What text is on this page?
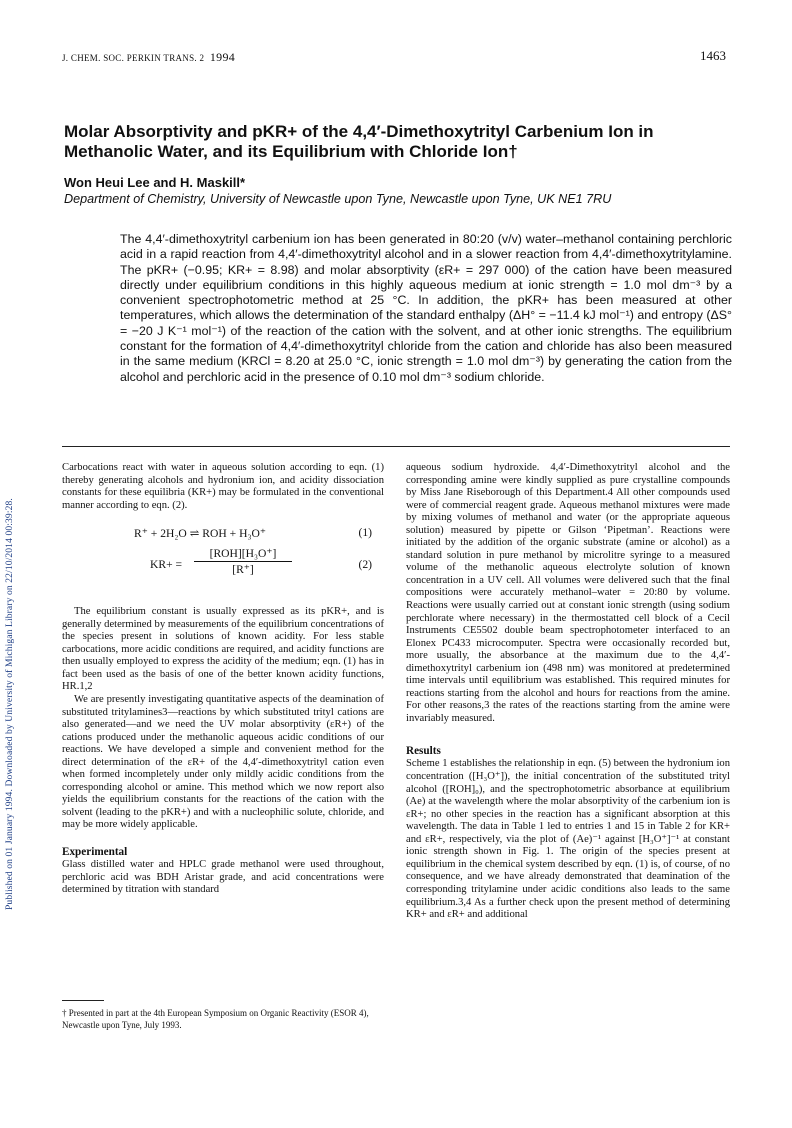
Published on 01 January 1994. Downloaded by University of Michigan Library on 22/10/2014 00:39:28.
J. CHEM. SOC. PERKIN TRANS. 2 1994	1463
Molar Absorptivity and pKR+ of the 4,4′-Dimethoxytrityl Carbenium Ion in Methanolic Water, and its Equilibrium with Chloride Ion†
Won Heui Lee and H. Maskill*
Department of Chemistry, University of Newcastle upon Tyne, Newcastle upon Tyne, UK NE1 7RU
The 4,4′-dimethoxytrityl carbenium ion has been generated in 80:20 (v/v) water–methanol containing perchloric acid in a rapid reaction from 4,4′-dimethoxytrityl alcohol and in a slower reaction from 4,4′-dimethoxytritylamine. The pKR+ (−0.95; KR+ = 8.98) and molar absorptivity (εR+ = 297 000) of the cation have been measured directly under equilibrium conditions in this highly aqueous medium at ionic strength = 1.0 mol dm⁻³ by a convenient spectrophotometric method at 25 °C. In addition, the pKR+ has been measured at other temperatures, which allows the determination of the standard enthalpy (ΔH° = −11.4 kJ mol⁻¹) and entropy (ΔS° = −20 J K⁻¹ mol⁻¹) of the reaction of the cation with the solvent, and at other ionic strengths. The equilibrium constant for the formation of 4,4′-dimethoxytrityl chloride from the cation and chloride has also been measured in the same medium (KRCl = 8.20 at 25.0 °C, ionic strength = 1.0 mol dm⁻³) by generating the cation from the alcohol and perchloric acid in the presence of 0.10 mol dm⁻³ sodium chloride.

Carbocations react with water in aqueous solution according to eqn. (1) thereby generating alcohols and hydronium ion, and acidity dissociation constants for these equilibria (KR+) may be formulated in the conventional manner according to eqn. (2).

R⁺ + 2H₂O ⇌ ROH + H₃O⁺	(1)
KR+ =
[ROH][H₃O⁺]
[R⁺]	(2)

The equilibrium constant is usually expressed as its pKR+, and is generally determined by measurements of the equilibrium concentrations of the species present in solutions of known acidity. For less stable carbocations, more acidic conditions are required, and acidity functions are then usually employed to express the acidity of the medium; eqn. (1) has in fact been used as the basis of one of the better known acidity functions, HR.1,2

We are presently investigating quantitative aspects of the deamination of substituted tritylamines3—reactions by which substituted trityl cations are also generated—and we need the UV molar absorptivity (εR+) of the cations produced under the methanolic aqueous acidic conditions of our reactions. We have developed a simple and convenient method for the direct determination of the εR+ of the 4,4′-dimethoxytrityl cation even when formed incompletely under only mildly acidic conditions from the corresponding alcohol or amine. This method which we now report also yields the equilibrium constants for the reactions of the cation with the solvent (leading to the pKR+) and with a nucleophilic solute, chloride, and may be more widely applicable.

Experimental

Glass distilled water and HPLC grade methanol were used throughout, perchloric acid was BDH Aristar grade, and acid concentrations were determined by titration with standard

† Presented in part at the 4th European Symposium on Organic Reactivity (ESOR 4), Newcastle upon Tyne, July 1993.

aqueous sodium hydroxide. 4,4′-Dimethoxytrityl alcohol and the corresponding amine were kindly supplied as pure crystalline compounds by Miss Jane Riseborough of this Department.4 All other compounds used were of commercial reagent grade. Aqueous methanol mixtures were made by mixing volumes of methanol and water (or the appropriate aqueous solution) measured by pipette or Gilson ‘Pipetman’. Reactions were initiated by the addition of the organic substrate (amine or alcohol) as a standard solution in pure methanol by microlitre syringe to a measured volume of the methanolic aqueous electrolyte solution of known concentration in a UV cell. All volumes were delivered such that the final compositions were accurately methanol–water = 20:80 by volume. Reactions were usually carried out at constant ionic strength (using sodium perchlorate where necessary) in the thermostatted cell block of a Cecil Instruments CE5502 double beam spectrophotometer interfaced to an Elonex PC433 microcomputer. Spectra were occasionally recorded but, more usually, the absorbance at the maximum due to the 4,4′-dimethoxytrityl carbenium ion (498 nm) was monitored at predetermined time intervals until equilibrium was established. This required minutes for reactions starting from the alcohol and hours for reactions from the amine. For other reasons,3 the rates of the reactions starting from the amine were invariably measured.

Results

Scheme 1 establishes the relationship in eqn. (5) between the hydronium ion concentration ([H₃O⁺]), the initial concentration of the substituted trityl alcohol ([ROH]₀), and the spectrophotometric absorbance at equilibrium (Ae) at the wavelength where the molar absorptivity of the carbenium ion is εR+; no other species in the reaction has a significant absorption at this wavelength. The data in Table 1 led to entries 1 and 15 in Table 2 for KR+ and εR+, respectively, via the plot of (Ae)⁻¹ against [H₃O⁺]⁻¹ at constant ionic strength shown in Fig. 1. The origin of the species present at equilibrium in the chemical system described by eqn. (1) is, of course, of no consequence, and we have already demonstrated that deamination of the corresponding tritylamine under acidic conditions also leads to the same equilibrium.3,4 As a further check upon the present method of determining KR+ and εR+ and additional
